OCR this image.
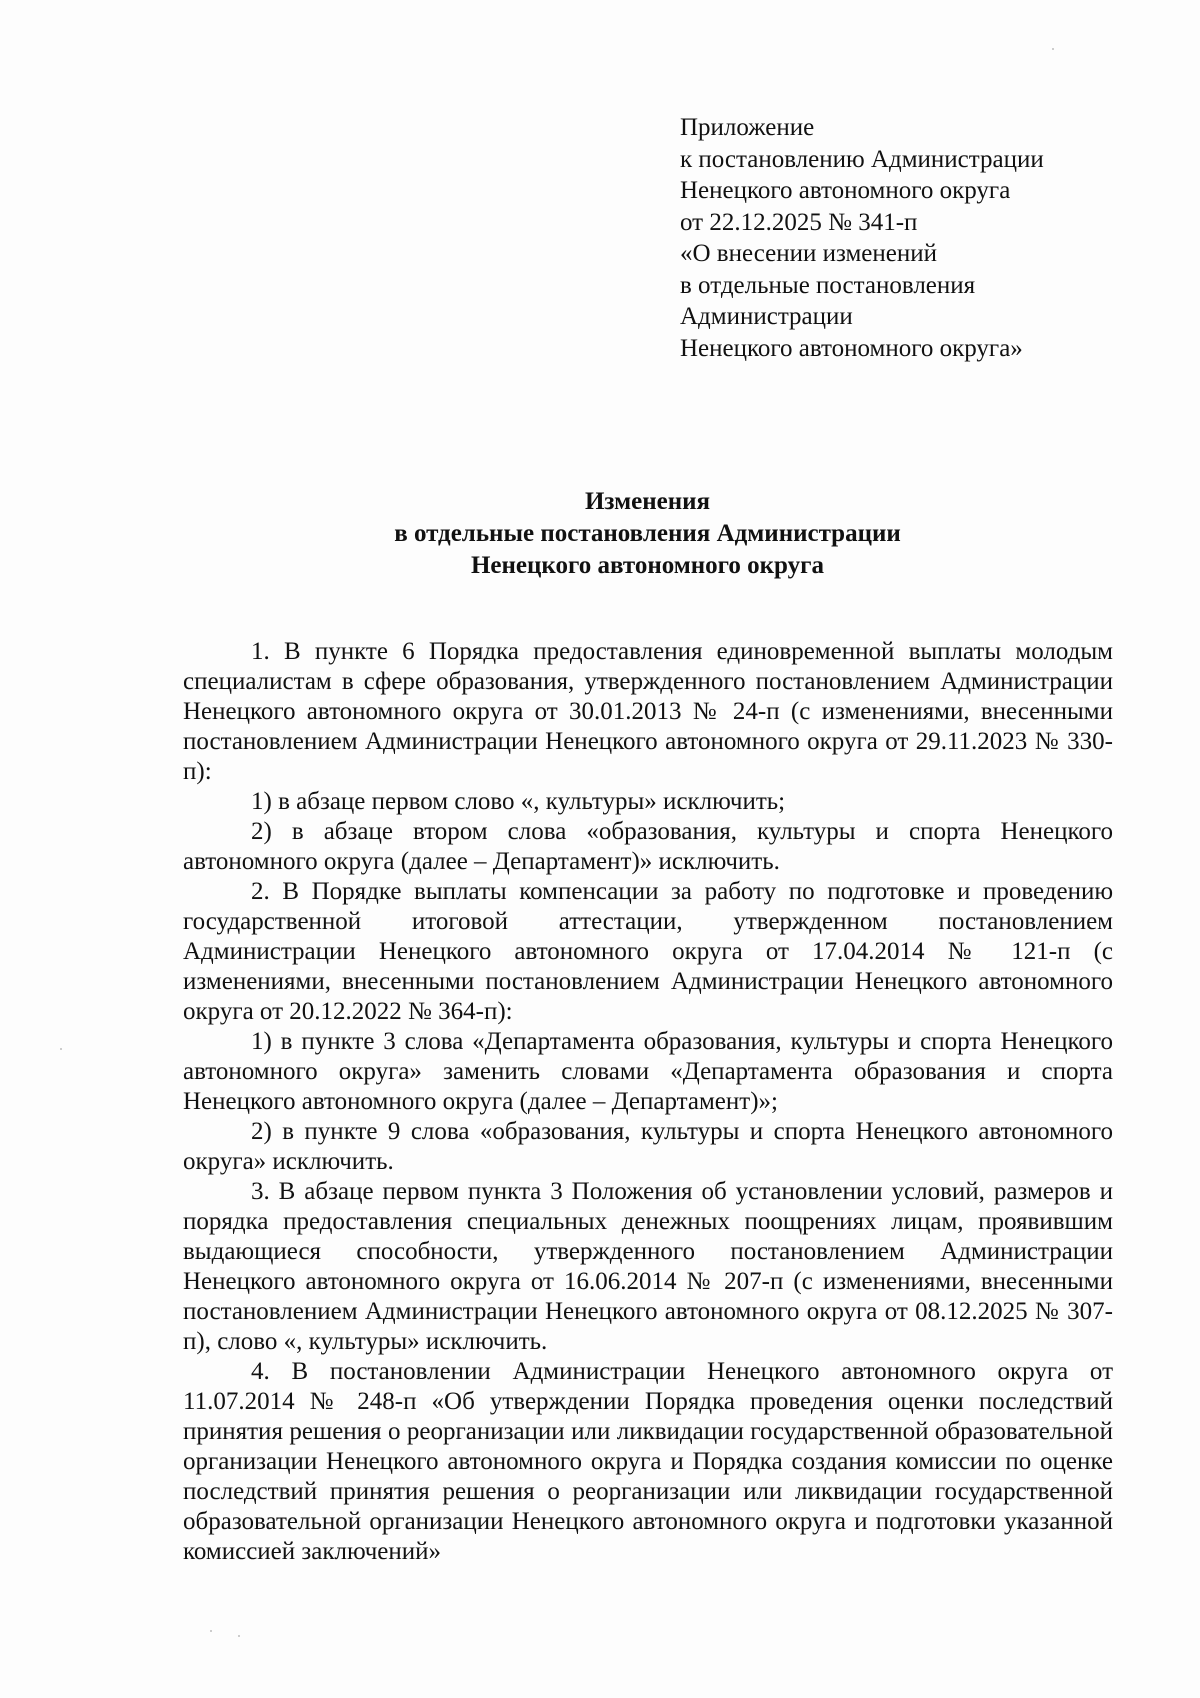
Приложение
к постановлению Администрации
Ненецкого автономного округа
от 22.12.2025 № 341-п
«О внесении изменений
в отдельные постановления
Администрации
Ненецкого автономного округа»
Изменения
в отдельные постановления Администрации
Ненецкого автономного округа

1. В пункте 6 Порядка предоставления единовременной выплаты молодым специалистам в сфере образования, утвержденного постановлением Администрации Ненецкого автономного округа от 30.01.2013 № 24-п (с изменениями, внесенными постановлением Администрации Ненецкого автономного округа от 29.11.2023 № 330-п):

1) в абзаце первом слово «, культуры» исключить;

2) в абзаце втором слова «образования, культуры и спорта Ненецкого автономного округа (далее – Департамент)» исключить.

2. В Порядке выплаты компенсации за работу по подготовке и проведению государственной итоговой аттестации, утвержденном постановлением Администрации Ненецкого автономного округа от 17.04.2014 № 121-п (с изменениями, внесенными постановлением Администрации Ненецкого автономного округа от 20.12.2022 № 364-п):

1) в пункте 3 слова «Департамента образования, культуры и спорта Ненецкого автономного округа» заменить словами «Департамента образования и спорта Ненецкого автономного округа (далее – Департамент)»;

2) в пункте 9 слова «образования, культуры и спорта Ненецкого автономного округа» исключить.

3. В абзаце первом пункта 3 Положения об установлении условий, размеров и порядка предоставления специальных денежных поощрениях лицам, проявившим выдающиеся способности, утвержденного постановлением Администрации Ненецкого автономного округа от 16.06.2014 № 207-п (с изменениями, внесенными постановлением Администрации Ненецкого автономного округа от 08.12.2025 № 307-п), слово «, культуры» исключить.

4. В постановлении Администрации Ненецкого автономного округа от 11.07.2014 № 248-п «Об утверждении Порядка проведения оценки последствий принятия решения о реорганизации или ликвидации государственной образовательной организации Ненецкого автономного округа и Порядка создания комиссии по оценке последствий принятия решения о реорганизации или ликвидации государственной образовательной организации Ненецкого автономного округа и подготовки указанной комиссией заключений»
